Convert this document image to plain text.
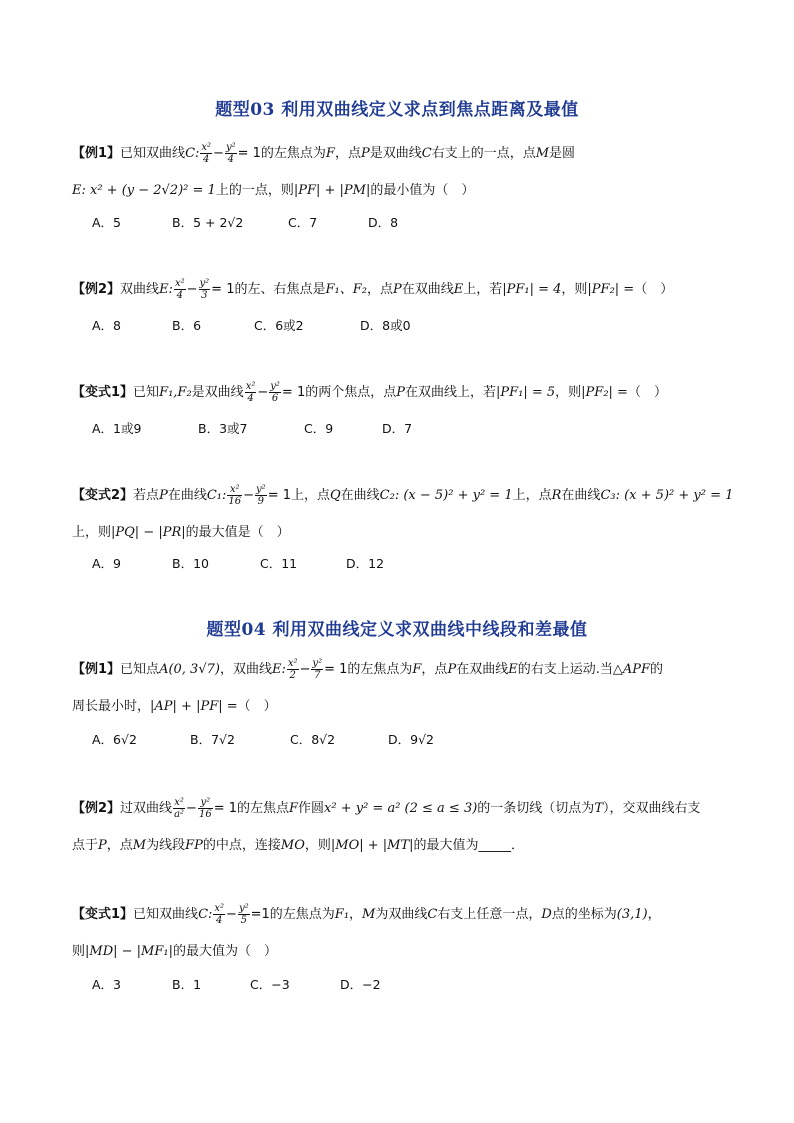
题型03 利用双曲线定义求点到焦点距离及最值
【例1】已知双曲线C: $\frac{\text{x²}}{4} - \frac{\text{y²}}{4} = 1$的左焦点为F，点P是双曲线C右支上的一点，点M是圆
E: x² + (y − 2√2)² = 1上的一点，则|PF| + |PM|的最小值为（　）
A．5	B．5 + 2√2	C．7	D．8
【例2】双曲线E: $\frac{\text{x²}}{4} - \frac{\text{y²}}{3} = 1$的左、右焦点是F₁、F₂，点P在双曲线E上，若|PF₁| = 4，则|PF₂| =（　）
A．8	B．6	C．6或2	D．8或0
【变式1】已知F₁,F₂是双曲线 $\frac{\text{x²}}{4} - \frac{\text{y²}}{6} = 1$的两个焦点，点P在双曲线上，若|PF₁| = 5，则|PF₂| =（　）
A．1或9	B．3或7	C．9	D．7
【变式2】若点P在曲线C₁: $\frac{\text{x²}}{16} - \frac{\text{y²}}{9} = 1$上，点Q在曲线C₂: (x − 5)² + y² = 1上，点R在曲线C₃: (x + 5)² + y² = 1
上，则|PQ| − |PR|的最大值是（　）
A．9	B．10	C．11	D．12
题型04 利用双曲线定义求双曲线中线段和差最值
【例1】已知点A(0, 3√7)，双曲线E: $\frac{\text{x²}}{2} - \frac{\text{y²}}{7} = 1$的左焦点为F，点P在双曲线E的右支上运动.当△APF的
周长最小时，|AP| + |PF| =（　）
A．6√2	B．7√2	C．8√2	D．9√2
【例2】过双曲线 $\frac{\text{x²}}{\text{a²}} - \frac{\text{y²}}{16} = 1$的左焦点F作圆x² + y² = a² (2 ≤ a ≤ 3)的一条切线（切点为T），交双曲线右支
点于P，点M为线段FP的中点，连接MO，则|MO| + |MT|的最大值为_____．
【变式1】已知双曲线C: $\frac{\text{x²}}{4} - \frac{\text{y²}}{5} =1$的左焦点为F₁，M为双曲线C右支上任意一点，D点的坐标为(3,1)，
则|MD| − |MF₁|的最大值为（　）
A．3	B．1	C．−3	D．−2
